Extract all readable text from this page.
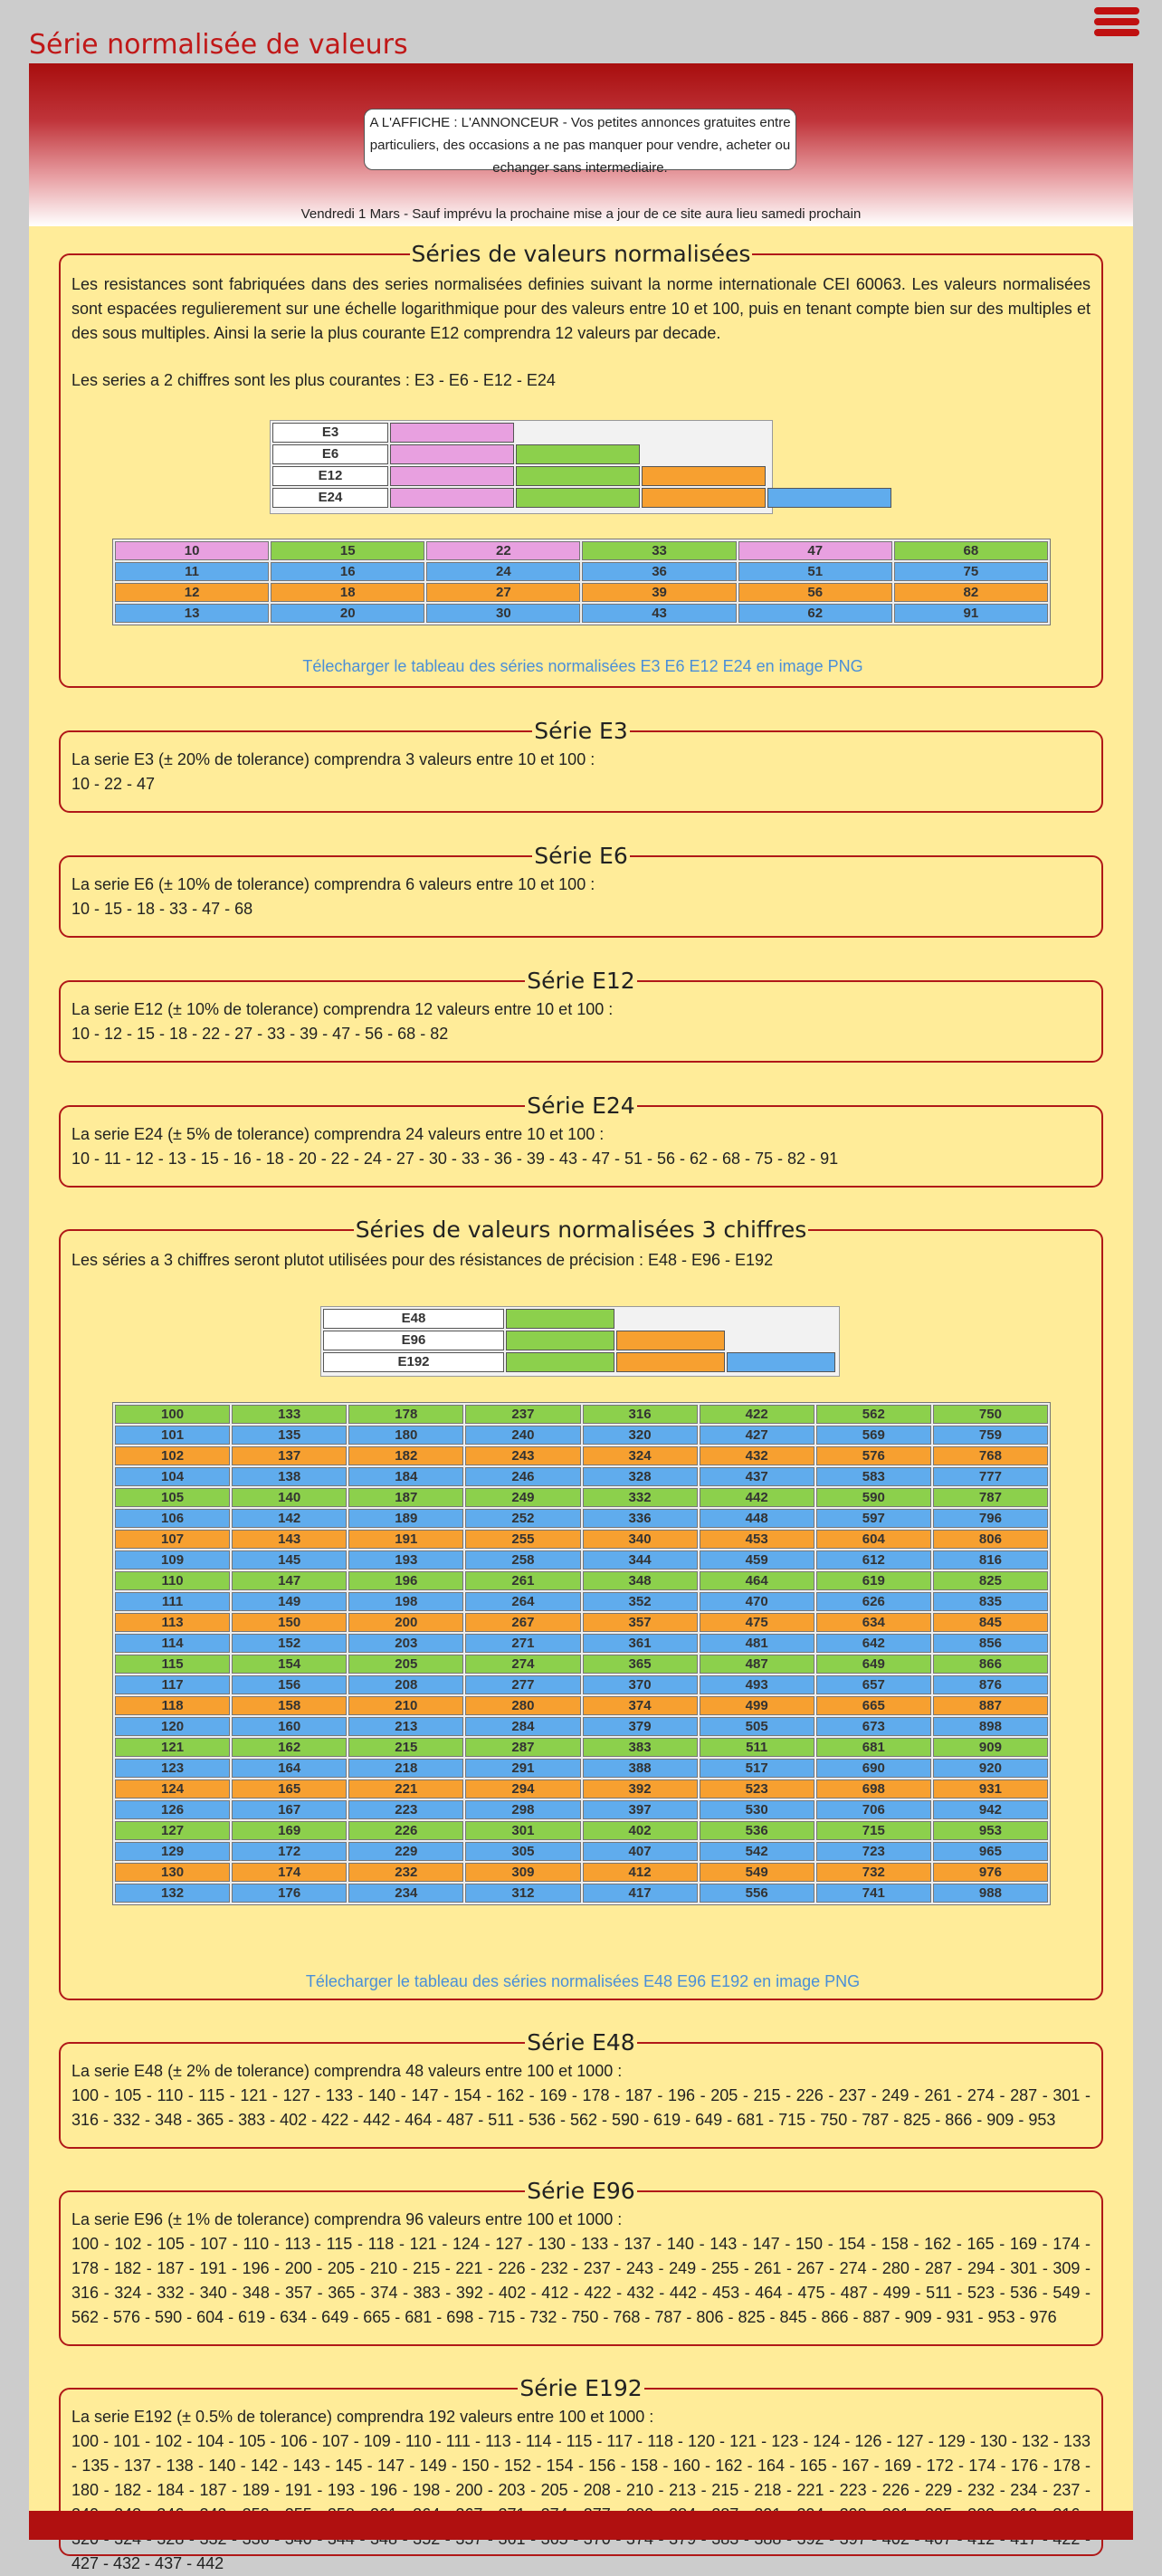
Série normalisée de valeurs
A L'AFFICHE : L'ANNONCEUR - Vos petites annonces gratuites entre particuliers, des occasions a ne pas manquer pour vendre, acheter ou echanger sans intermediaire.
Vendredi 1 Mars - Sauf imprévu la prochaine mise a jour de ce site aura lieu samedi prochain
Séries de valeurs normalisées
Les resistances sont fabriquées dans des series normalisées definies suivant la norme internationale CEI 60063. Les valeurs normalisées sont espacées regulierement sur une échelle logarithmique pour des valeurs entre 10 et 100, puis en tenant compte bien sur des multiples et des sous multiples. Ainsi la serie la plus courante E12 comprendra 12 valeurs par decade.
Les series a 2 chiffres sont les plus courantes : E3 - E6 - E12 - E24
E3
E6
E12
E24
10	15	22	33	47	68
11	16	24	36	51	75
12	18	27	39	56	82
13	20	30	43	62	91
Télecharger le tableau des séries normalisées E3 E6 E12 E24 en image PNG
Série E3
La serie E3 (± 20% de tolerance) comprendra 3 valeurs entre 10 et 100 :
10 - 22 - 47
Série E6
La serie E6 (± 10% de tolerance) comprendra 6 valeurs entre 10 et 100 :
10 - 15 - 18 - 33 - 47 - 68
Série E12
La serie E12 (± 10% de tolerance) comprendra 12 valeurs entre 10 et 100 :
10 - 12 - 15 - 18 - 22 - 27 - 33 - 39 - 47 - 56 - 68 - 82
Série E24
La serie E24 (± 5% de tolerance) comprendra 24 valeurs entre 10 et 100 :
10 - 11 - 12 - 13 - 15 - 16 - 18 - 20 - 22 - 24 - 27 - 30 - 33 - 36 - 39 - 43 - 47 - 51 - 56 - 62 - 68 - 75 - 82 - 91
Séries de valeurs normalisées 3 chiffres
Les séries a 3 chiffres seront plutot utilisées pour des résistances de précision : E48 - E96 - E192
E48
E96
E192
100	133	178	237	316	422	562	750
101	135	180	240	320	427	569	759
102	137	182	243	324	432	576	768
104	138	184	246	328	437	583	777
105	140	187	249	332	442	590	787
106	142	189	252	336	448	597	796
107	143	191	255	340	453	604	806
109	145	193	258	344	459	612	816
110	147	196	261	348	464	619	825
111	149	198	264	352	470	626	835
113	150	200	267	357	475	634	845
114	152	203	271	361	481	642	856
115	154	205	274	365	487	649	866
117	156	208	277	370	493	657	876
118	158	210	280	374	499	665	887
120	160	213	284	379	505	673	898
121	162	215	287	383	511	681	909
123	164	218	291	388	517	690	920
124	165	221	294	392	523	698	931
126	167	223	298	397	530	706	942
127	169	226	301	402	536	715	953
129	172	229	305	407	542	723	965
130	174	232	309	412	549	732	976
132	176	234	312	417	556	741	988
Télecharger le tableau des séries normalisées E48 E96 E192 en image PNG
Série E48
La serie E48 (± 2% de tolerance) comprendra 48 valeurs entre 100 et 1000 :
100 - 105 - 110 - 115 - 121 - 127 - 133 - 140 - 147 - 154 - 162 - 169 - 178 - 187 - 196 - 205 - 215 - 226 - 237 - 249 - 261 - 274 - 287 - 301 - 316 - 332 - 348 - 365 - 383 - 402 - 422 - 442 - 464 - 487 - 511 - 536 - 562 - 590 - 619 - 649 - 681 - 715 - 750 - 787 - 825 - 866 - 909 - 953
Série E96
La serie E96 (± 1% de tolerance) comprendra 96 valeurs entre 100 et 1000 :
100 - 102 - 105 - 107 - 110 - 113 - 115 - 118 - 121 - 124 - 127 - 130 - 133 - 137 - 140 - 143 - 147 - 150 - 154 - 158 - 162 - 165 - 169 - 174 - 178 - 182 - 187 - 191 - 196 - 200 - 205 - 210 - 215 - 221 - 226 - 232 - 237 - 243 - 249 - 255 - 261 - 267 - 274 - 280 - 287 - 294 - 301 - 309 - 316 - 324 - 332 - 340 - 348 - 357 - 365 - 374 - 383 - 392 - 402 - 412 - 422 - 432 - 442 - 453 - 464 - 475 - 487 - 499 - 511 - 523 - 536 - 549 - 562 - 576 - 590 - 604 - 619 - 634 - 649 - 665 - 681 - 698 - 715 - 732 - 750 - 768 - 787 - 806 - 825 - 845 - 866 - 887 - 909 - 931 - 953 - 976
Série E192
La serie E192 (± 0.5% de tolerance) comprendra 192 valeurs entre 100 et 1000 :
100 - 101 - 102 - 104 - 105 - 106 - 107 - 109 - 110 - 111 - 113 - 114 - 115 - 117 - 118 - 120 - 121 - 123 - 124 - 126 - 127 - 129 - 130 - 132 - 133 - 135 - 137 - 138 - 140 - 142 - 143 - 145 - 147 - 149 - 150 - 152 - 154 - 156 - 158 - 160 - 162 - 164 - 165 - 167 - 169 - 172 - 174 - 176 - 178 - 180 - 182 - 184 - 187 - 189 - 191 - 193 - 196 - 198 - 200 - 203 - 205 - 208 - 210 - 213 - 215 - 218 - 221 - 223 - 226 - 229 - 232 - 234 - 237 - 427 - 432 - 437 - 442
